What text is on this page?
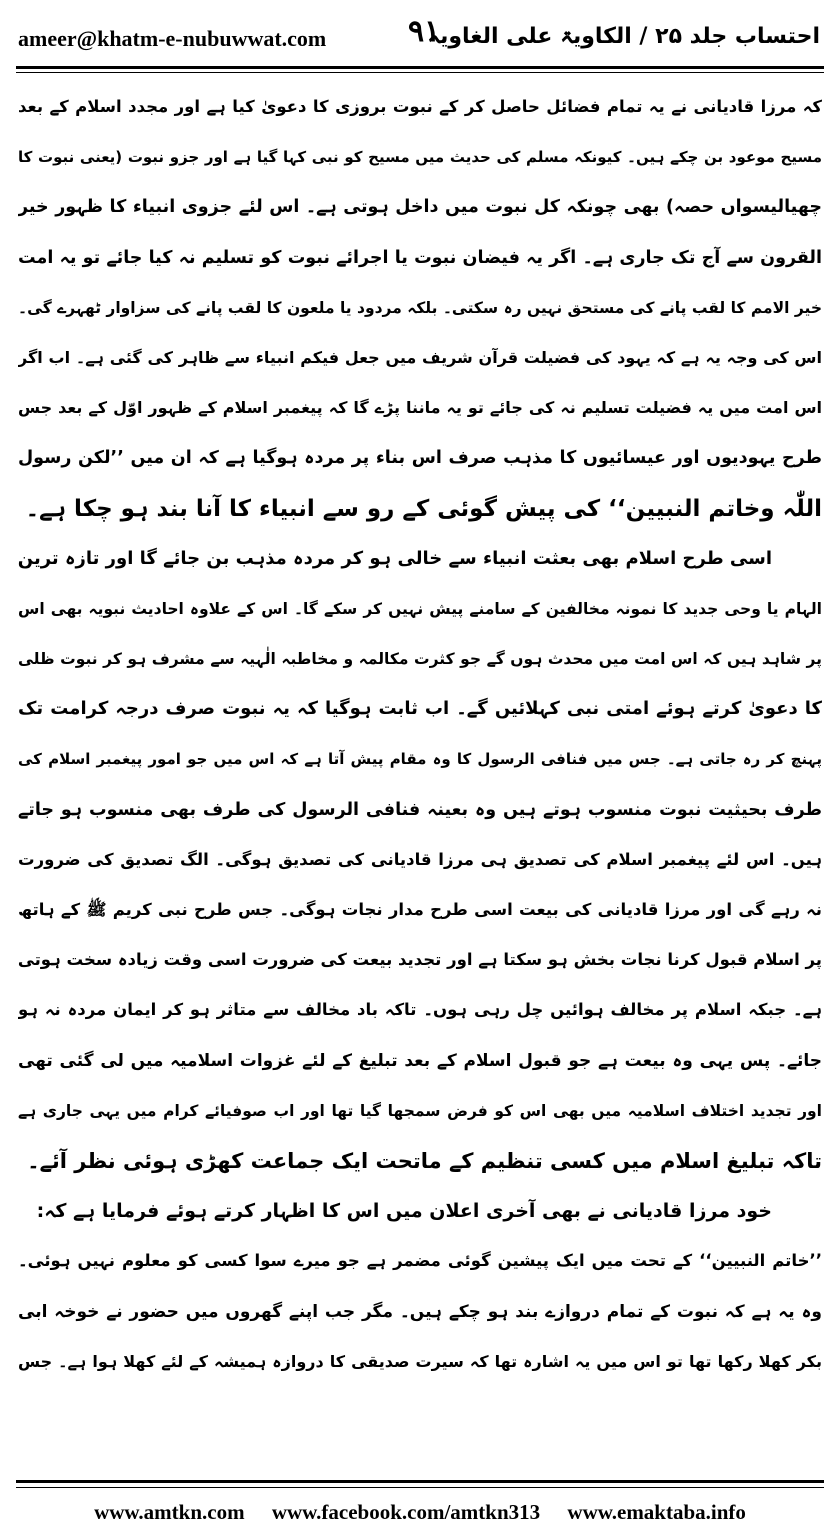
ameer@khatm-e-nubuwwat.com	۹۱
احتساب جلد ۲۵ / الکاویۃ علی الغاویہ
کہ مرزا قادیانی نے یہ تمام فضائل حاصل کر کے نبوت بروزی کا دعویٰ کیا ہے اور مجدد اسلام کے بعد
مسیح موعود بن چکے ہیں۔ کیونکہ مسلم کی حدیث میں مسیح کو نبی کہا گیا ہے اور جزو نبوت (یعنی نبوت کا
چھیالیسواں حصہ) بھی چونکہ کل نبوت میں داخل ہوتی ہے۔ اس لئے جزوی انبیاء کا ظہور خیر
القرون سے آج تک جاری ہے۔ اگر یہ فیضان نبوت یا اجرائے نبوت کو تسلیم نہ کیا جائے تو یہ امت
خیر الامم کا لقب پانے کی مستحق نہیں رہ سکتی۔ بلکہ مردود یا ملعون کا لقب پانے کی سزاوار ٹھہرے گی۔
اس کی وجہ یہ ہے کہ یہود کی فضیلت قرآن شریف میں جعل فیکم انبیاء سے ظاہر کی گئی ہے۔ اب اگر
اس امت میں یہ فضیلت تسلیم نہ کی جائے تو یہ ماننا پڑے گا کہ پیغمبر اسلام کے ظہور اوّل کے بعد جس
طرح یہودیوں اور عیسائیوں کا مذہب صرف اس بناء پر مردہ ہوگیا ہے کہ ان میں ’’لکن رسول
اللّٰہ وخاتم النبیین‘‘ کی پیش گوئی کے رو سے انبیاء کا آنا بند ہو چکا ہے۔
اسی طرح اسلام بھی بعثت انبیاء سے خالی ہو کر مردہ مذہب بن جائے گا اور تازہ ترین
الہام یا وحی جدید کا نمونہ مخالفین کے سامنے پیش نہیں کر سکے گا۔ اس کے علاوہ احادیث نبویہ بھی اس
پر شاہد ہیں کہ اس امت میں محدث ہوں گے جو کثرت مکالمہ و مخاطبہ الٰہیہ سے مشرف ہو کر نبوت ظلی
کا دعویٰ کرتے ہوئے امتی نبی کہلائیں گے۔ اب ثابت ہوگیا کہ یہ نبوت صرف درجہ کرامت تک
پہنچ کر رہ جاتی ہے۔ جس میں فنافی الرسول کا وہ مقام پیش آتا ہے کہ اس میں جو امور پیغمبر اسلام کی
طرف بحیثیت نبوت منسوب ہوتے ہیں وہ بعینہ فنافی الرسول کی طرف بھی منسوب ہو جاتے
ہیں۔ اس لئے پیغمبر اسلام کی تصدیق ہی مرزا قادیانی کی تصدیق ہوگی۔ الگ تصدیق کی ضرورت
نہ رہے گی اور مرزا قادیانی کی بیعت اسی طرح مدار نجات ہوگی۔ جس طرح نبی کریم ﷺ کے ہاتھ
پر اسلام قبول کرنا نجات بخش ہو سکتا ہے اور تجدید بیعت کی ضرورت اسی وقت زیادہ سخت ہوتی
ہے۔ جبکہ اسلام پر مخالف ہوائیں چل رہی ہوں۔ تاکہ باد مخالف سے متاثر ہو کر ایمان مردہ نہ ہو
جائے۔ پس یہی وہ بیعت ہے جو قبول اسلام کے بعد تبلیغ کے لئے غزوات اسلامیہ میں لی گئی تھی
اور تجدید اختلاف اسلامیہ میں بھی اس کو فرض سمجھا گیا تھا اور اب صوفیائے کرام میں یہی جاری ہے
تاکہ تبلیغ اسلام میں کسی تنظیم کے ماتحت ایک جماعت کھڑی ہوئی نظر آئے۔
خود مرزا قادیانی نے بھی آخری اعلان میں اس کا اظہار کرتے ہوئے فرمایا ہے کہ:
’’خاتم النبیین‘‘ کے تحت میں ایک پیشین گوئی مضمر ہے جو میرے سوا کسی کو معلوم نہیں ہوئی۔
وہ یہ ہے کہ نبوت کے تمام دروازے بند ہو چکے ہیں۔ مگر جب اپنے گھروں میں حضور نے خوخہ ابی
بکر کھلا رکھا تھا تو اس میں یہ اشارہ تھا کہ سیرت صدیقی کا دروازہ ہمیشہ کے لئے کھلا ہوا ہے۔ جس
www.amtkn.com www.facebook.com/amtkn313 www.emaktaba.info
